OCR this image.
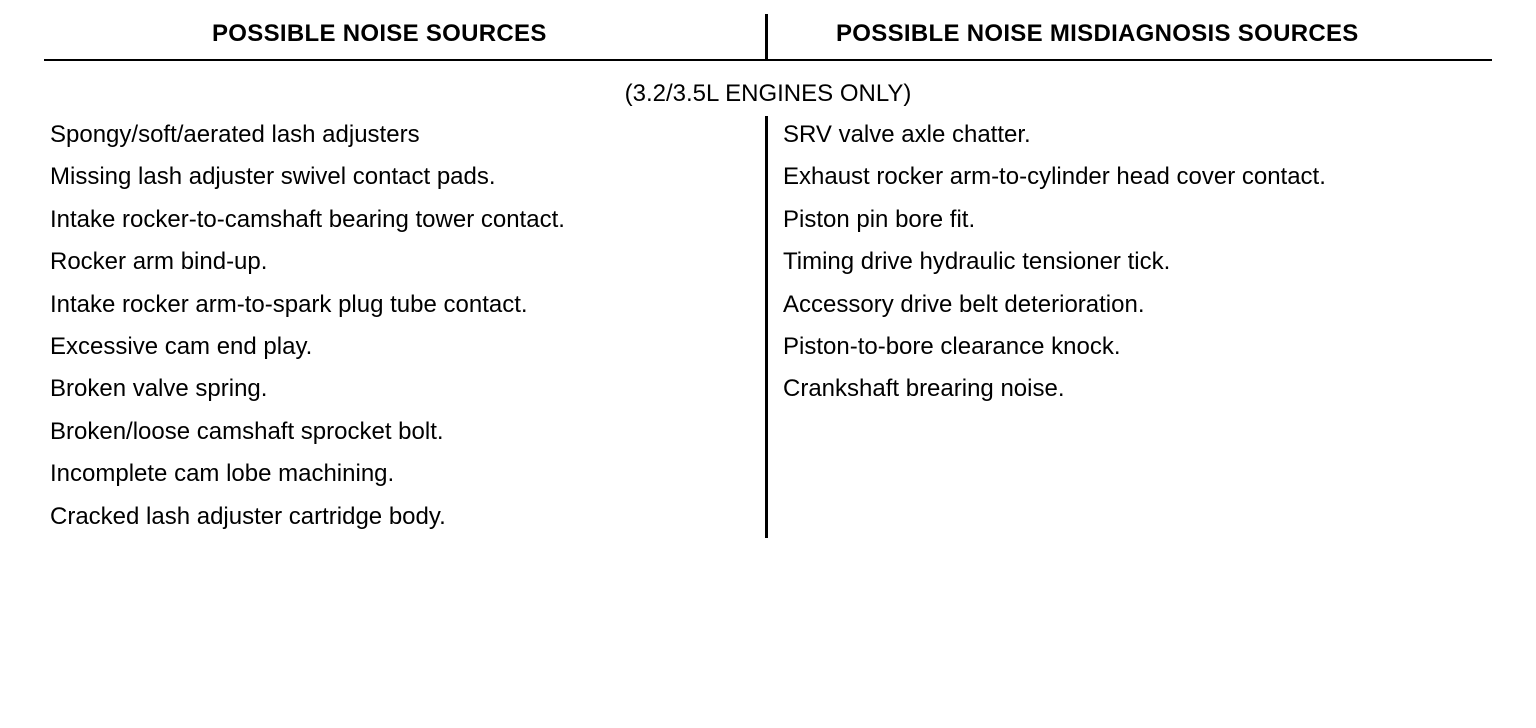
POSSIBLE NOISE SOURCES	POSSIBLE NOISE MISDIAGNOSIS SOURCES
(3.2/3.5L ENGINES ONLY)
Spongy/soft/aerated lash adjusters
Missing lash adjuster swivel contact pads.
Intake rocker-to-camshaft bearing tower contact.
Rocker arm bind-up.
Intake rocker arm-to-spark plug tube contact.
Excessive cam end play.
Broken valve spring.
Broken/loose camshaft sprocket bolt.
Incomplete cam lobe machining.
Cracked lash adjuster cartridge body.
SRV valve axle chatter.
Exhaust rocker arm-to-cylinder head cover contact.
Piston pin bore fit.
Timing drive hydraulic tensioner tick.
Accessory drive belt deterioration.
Piston-to-bore clearance knock.
Crankshaft brearing noise.
